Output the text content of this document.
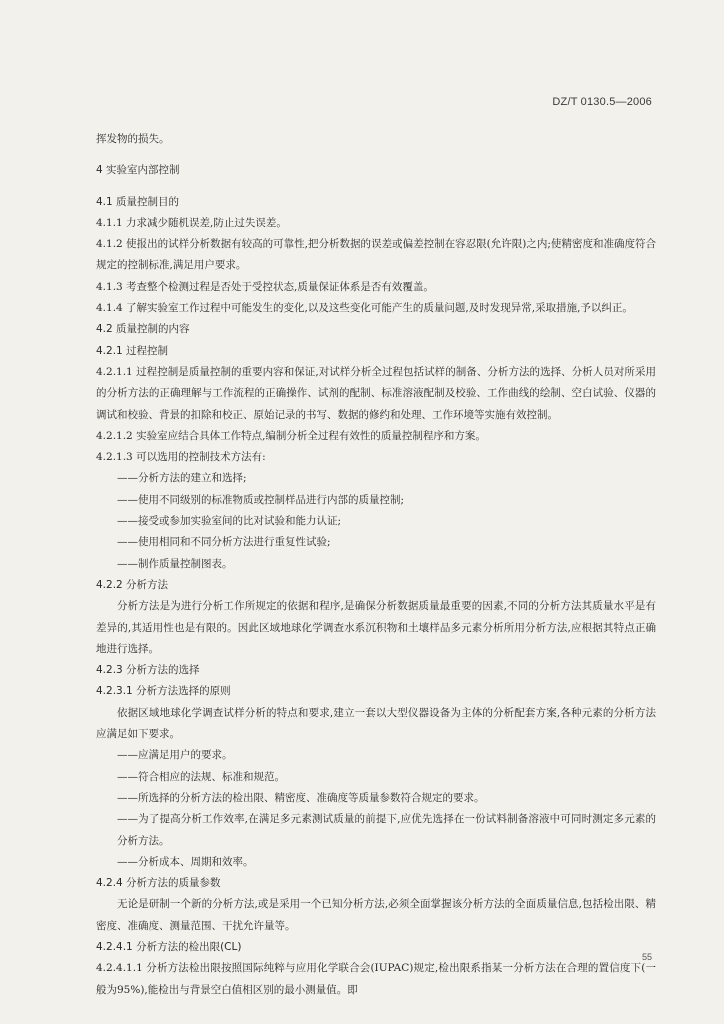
DZ/T 0130.5—2006
挥发物的损失。
4 实验室内部控制
4.1 质量控制目的
4.1.1 力求减少随机误差,防止过失误差。
4.1.2 使报出的试样分析数据有较高的可靠性,把分析数据的误差或偏差控制在容忍限(允许限)之内;使精密度和准确度符合规定的控制标准,满足用户要求。
4.1.3 考查整个检测过程是否处于受控状态,质量保证体系是否有效覆盖。
4.1.4 了解实验室工作过程中可能发生的变化,以及这些变化可能产生的质量问题,及时发现异常,采取措施,予以纠正。
4.2 质量控制的内容
4.2.1 过程控制
4.2.1.1 过程控制是质量控制的重要内容和保证,对试样分析全过程包括试样的制备、分析方法的选择、分析人员对所采用的分析方法的正确理解与工作流程的正确操作、试剂的配制、标准溶液配制及校验、工作曲线的绘制、空白试验、仪器的调试和校验、背景的扣除和校正、原始记录的书写、数据的修约和处理、工作环境等实施有效控制。
4.2.1.2 实验室应结合具体工作特点,编制分析全过程有效性的质量控制程序和方案。
4.2.1.3 可以选用的控制技术方法有:
——分析方法的建立和选择;
——使用不同级别的标准物质或控制样品进行内部的质量控制;
——接受或参加实验室间的比对试验和能力认证;
——使用相同和不同分析方法进行重复性试验;
——制作质量控制图表。
4.2.2 分析方法
分析方法是为进行分析工作所规定的依据和程序,是确保分析数据质量最重要的因素,不同的分析方法其质量水平是有差异的,其适用性也是有限的。因此区域地球化学调查水系沉积物和土壤样品多元素分析所用分析方法,应根据其特点正确地进行选择。
4.2.3 分析方法的选择
4.2.3.1 分析方法选择的原则
依据区域地球化学调查试样分析的特点和要求,建立一套以大型仪器设备为主体的分析配套方案,各种元素的分析方法应满足如下要求。
——应满足用户的要求。
——符合相应的法规、标准和规范。
——所选择的分析方法的检出限、精密度、准确度等质量参数符合规定的要求。
——为了提高分析工作效率,在满足多元素测试质量的前提下,应优先选择在一份试料制备溶液中可同时测定多元素的分析方法。
——分析成本、周期和效率。
4.2.4 分析方法的质量参数
无论是研制一个新的分析方法,或是采用一个已知分析方法,必须全面掌握该分析方法的全面质量信息,包括检出限、精密度、准确度、测量范围、干扰允许量等。
4.2.4.1 分析方法的检出限(CL)
4.2.4.1.1 分析方法检出限按照国际纯粹与应用化学联合会(IUPAC)规定,检出限系指某一分析方法在合理的置信度下(一般为95%),能检出与背景空白值相区别的最小测量值。即
55
